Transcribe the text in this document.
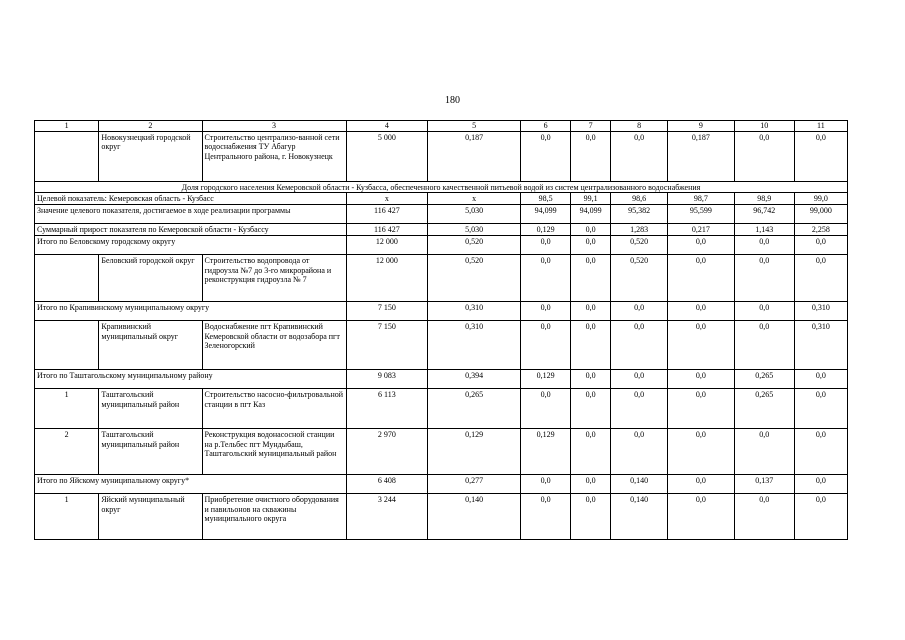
180
1	2	3	4	5	6	7	8	9	10	11
	Новокузнецкий городской округ	Строительство централизо-ванной сети водоснабжения ТУ Абагур Центрального района, г. Новокузнецк	5 000	0,187	0,0	0,0	0,0	0,187	0,0	0,0
Доля городского населения Кемеровской области - Кузбасса, обеспеченного качественной питьевой водой из систем централизованного водоснабжения										
Целевой показатель: Кемеровская область - Кузбасс			х	х	98,5	99,1	98,6	98,7	98,9	99,0
Значение целевого показателя, достигаемое в ходе реализации программы			116 427	5,030	94,099	94,099	95,382	95,599	96,742	99,000
Суммарный прирост показателя по Кемеровской области - Кузбассу			116 427	5,030	0,129	0,0	1,283	0,217	1,143	2,258
Итого по Беловскому городскому округу			12 000	0,520	0,0	0,0	0,520	0,0	0,0	0,0
	Беловский городской округ	Строительство водопровода от гидроузла №7 до 3-го микрорайона и реконструкция гидроузла № 7	12 000	0,520	0,0	0,0	0,520	0,0	0,0	0,0
Итого по Крапивинскому муниципальному округу			7 150	0,310	0,0	0,0	0,0	0,0	0,0	0,310
	Крапивинский муниципальный округ	Водоснабжение пгт Крапивинский Кемеровской области от водозабора пгт Зеленогорский	7 150	0,310	0,0	0,0	0,0	0,0	0,0	0,310
Итого по Таштагольскому муниципальному району			9 083	0,394	0,129	0,0	0,0	0,0	0,265	0,0
1	Таштагольский муниципальный район	Строительство насосно-фильтровальной станции в пгт Каз	6 113	0,265	0,0	0,0	0,0	0,0	0,265	0,0
2	Таштагольский муниципальный район	Реконструкция водонасосной станции на р.Тельбес пгт Мундыбаш, Таштагольский муниципальный район	2 970	0,129	0,129	0,0	0,0	0,0	0,0	0,0
Итого по Яйскому муниципальному округу*			6 408	0,277	0,0	0,0	0,140	0,0	0,137	0,0
1	Яйский муниципальный округ	Приобретение очистного оборудования и павильонов на скважины муниципального округа	3 244	0,140	0,0	0,0	0,140	0,0	0,0	0,0
